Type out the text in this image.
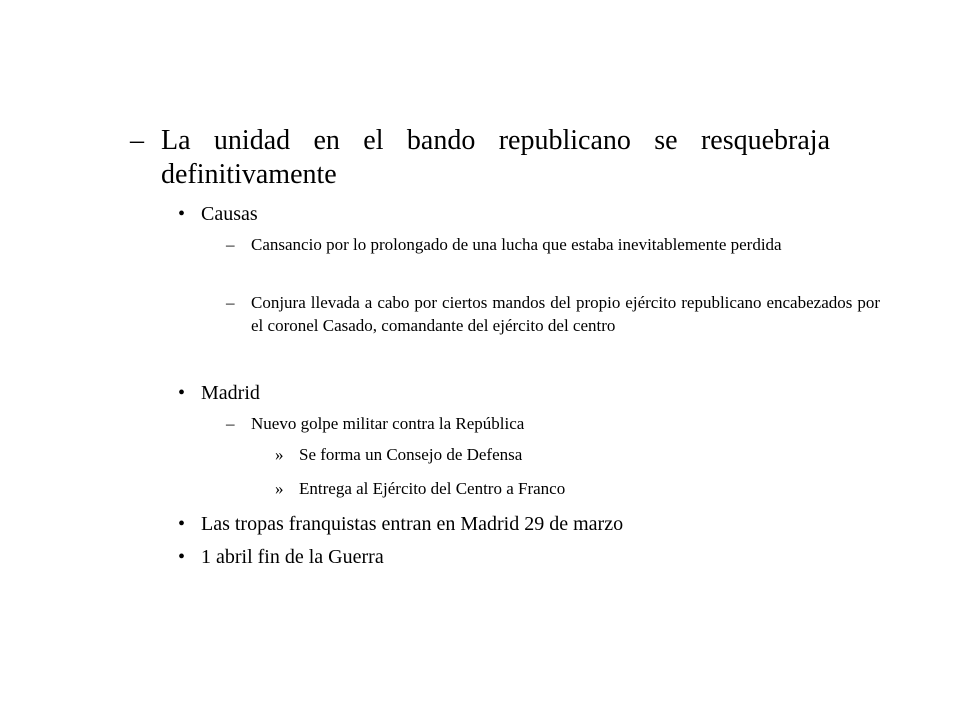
– La unidad en el bando republicano se resquebraja definitivamente
• Causas
– Cansancio por lo prolongado de una lucha que estaba inevitablemente perdida
– Conjura llevada a cabo por ciertos mandos del propio ejército republicano encabezados por el coronel Casado, comandante del ejército del centro
• Madrid
– Nuevo golpe militar contra la República
» Se forma un Consejo de Defensa
» Entrega al Ejército del Centro a Franco
• Las tropas franquistas entran en Madrid 29 de marzo
• 1 abril fin de la Guerra
